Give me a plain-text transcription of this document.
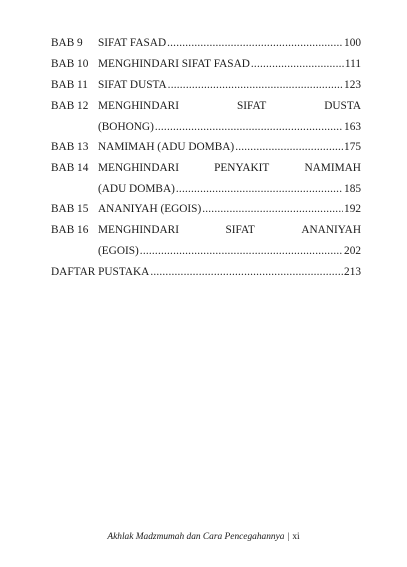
BAB 9	SIFAT FASAD .....	100
BAB 10 MENGHINDARI SIFAT FASAD .....	111
BAB 11 SIFAT DUSTA .....	123
BAB 12 MENGHINDARI	SIFAT	DUSTA
(BOHONG) .....	163
BAB 13 NAMIMAH (ADU DOMBA) .....	175
BAB 14 MENGHINDARI	PENYAKIT	NAMIMAH
(ADU DOMBA) .....	185
BAB 15 ANANIYAH (EGOIS) .....	192
BAB 16 MENGHINDARI	SIFAT	ANANIYAH
(EGOIS) .....	202
DAFTAR PUSTAKA .....	213
Akhlak Madzmumah dan Cara Pencegahannya | xi
